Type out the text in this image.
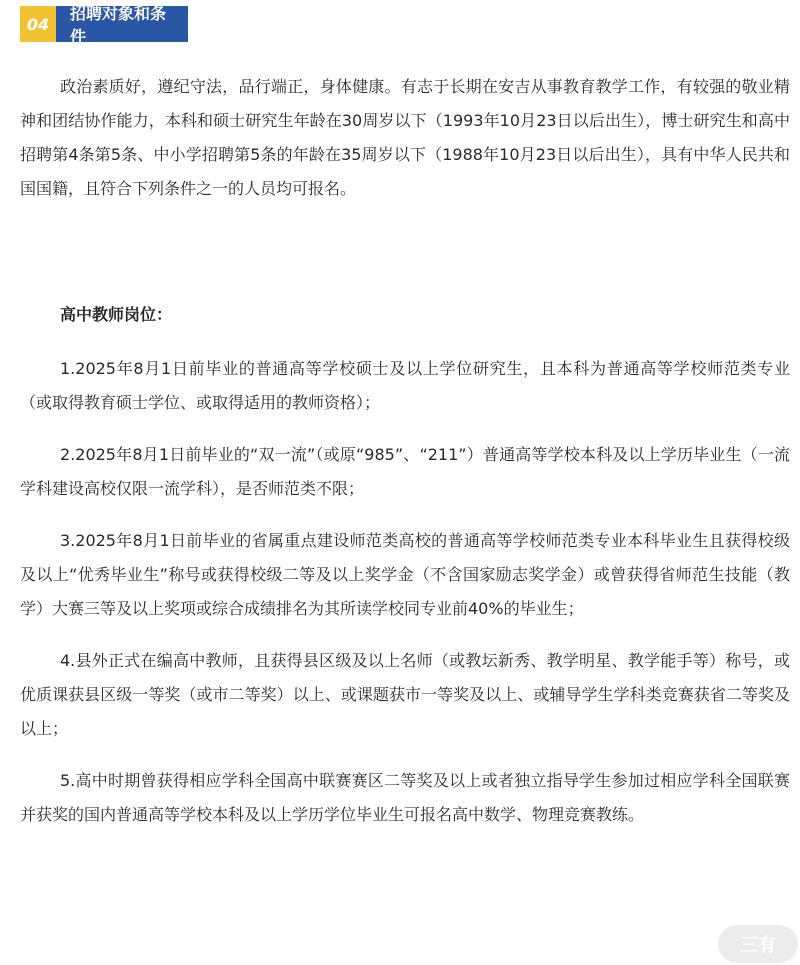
04
招聘对象和条件

政治素质好，遵纪守法，品行端正，身体健康。有志于长期在安吉从事教育教学工作，有较强的敬业精神和团结协作能力，本科和硕士研究生年龄在30周岁以下（1993年10月23日以后出生），博士研究生和高中招聘第4条第5条、中小学招聘第5条的年龄在35周岁以下（1988年10月23日以后出生），具有中华人民共和国国籍，且符合下列条件之一的人员均可报名。

高中教师岗位：

1.2025年8月1日前毕业的普通高等学校硕士及以上学位研究生，且本科为普通高等学校师范类专业（或取得教育硕士学位、或取得适用的教师资格）；

2.2025年8月1日前毕业的“双一流”（或原“985”、“211”）普通高等学校本科及以上学历毕业生（一流学科建设高校仅限一流学科），是否师范类不限；

3.2025年8月1日前毕业的省属重点建设师范类高校的普通高等学校师范类专业本科毕业生且获得校级及以上“优秀毕业生”称号或获得校级二等及以上奖学金（不含国家励志奖学金）或曾获得省师范生技能（教学）大赛三等及以上奖项或综合成绩排名为其所读学校同专业前40%的毕业生；

4.县外正式在编高中教师，且获得县区级及以上名师（或教坛新秀、教学明星、教学能手等）称号，或优质课获县区级一等奖（或市二等奖）以上、或课题获市一等奖及以上、或辅导学生学科类竞赛获省二等奖及以上；

5.高中时期曾获得相应学科全国高中联赛赛区二等奖及以上或者独立指导学生参加过相应学科全国联赛并获奖的国内普通高等学校本科及以上学历学位毕业生可报名高中数学、物理竞赛教练。

三有
